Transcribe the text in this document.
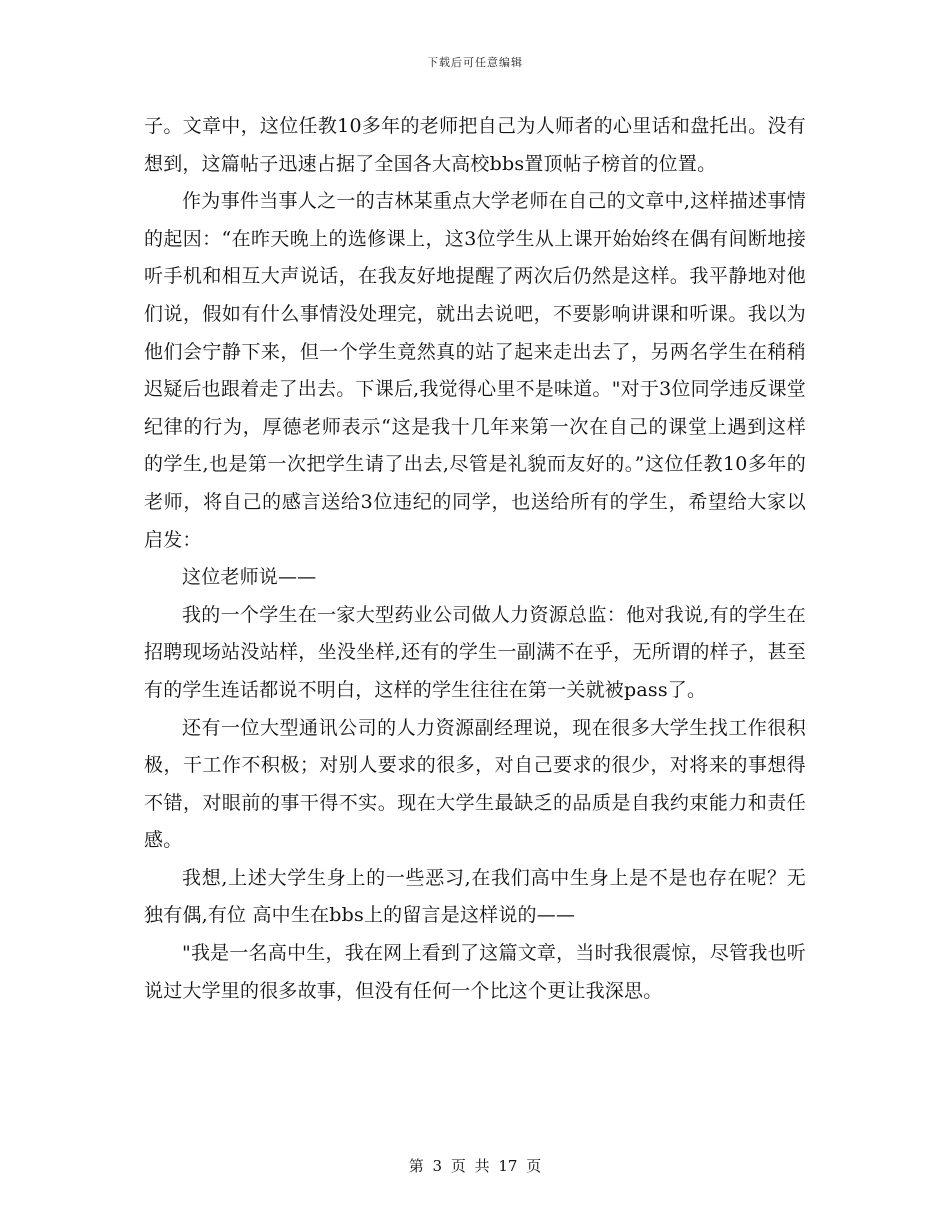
下载后可任意编辑

子。文章中，这位任教10多年的老师把自己为人师者的心里话和盘托出。没有想到，这篇帖子迅速占据了全国各大高校bbs置顶帖子榜首的位置。

作为事件当事人之一的吉林某重点大学老师在自己的文章中,这样描述事情的起因：“在昨天晚上的选修课上，这3位学生从上课开始始终在偶有间断地接听手机和相互大声说话，在我友好地提醒了两次后仍然是这样。我平静地对他们说，假如有什么事情没处理完，就出去说吧，不要影响讲课和听课。我以为他们会宁静下来，但一个学生竟然真的站了起来走出去了，另两名学生在稍稍迟疑后也跟着走了出去。下课后,我觉得心里不是味道。"对于3位同学违反课堂纪律的行为，厚德老师表示“这是我十几年来第一次在自己的课堂上遇到这样的学生,也是第一次把学生请了出去,尽管是礼貌而友好的。”这位任教10多年的老师，将自己的感言送给3位违纪的同学，也送给所有的学生，希望给大家以启发：

这位老师说——

我的一个学生在一家大型药业公司做人力资源总监：他对我说,有的学生在招聘现场站没站样，坐没坐样,还有的学生一副满不在乎，无所谓的样子，甚至有的学生连话都说不明白，这样的学生往往在第一关就被pass了。

还有一位大型通讯公司的人力资源副经理说，现在很多大学生找工作很积极，干工作不积极；对别人要求的很多，对自己要求的很少，对将来的事想得不错，对眼前的事干得不实。现在大学生最缺乏的品质是自我约束能力和责任感。

我想,上述大学生身上的一些恶习,在我们高中生身上是不是也存在呢？无独有偶,有位 高中生在bbs上的留言是这样说的——

"我是一名高中生，我在网上看到了这篇文章，当时我很震惊，尽管我也听说过大学里的很多故事，但没有任何一个比这个更让我深思。

第 3 页 共 17 页
